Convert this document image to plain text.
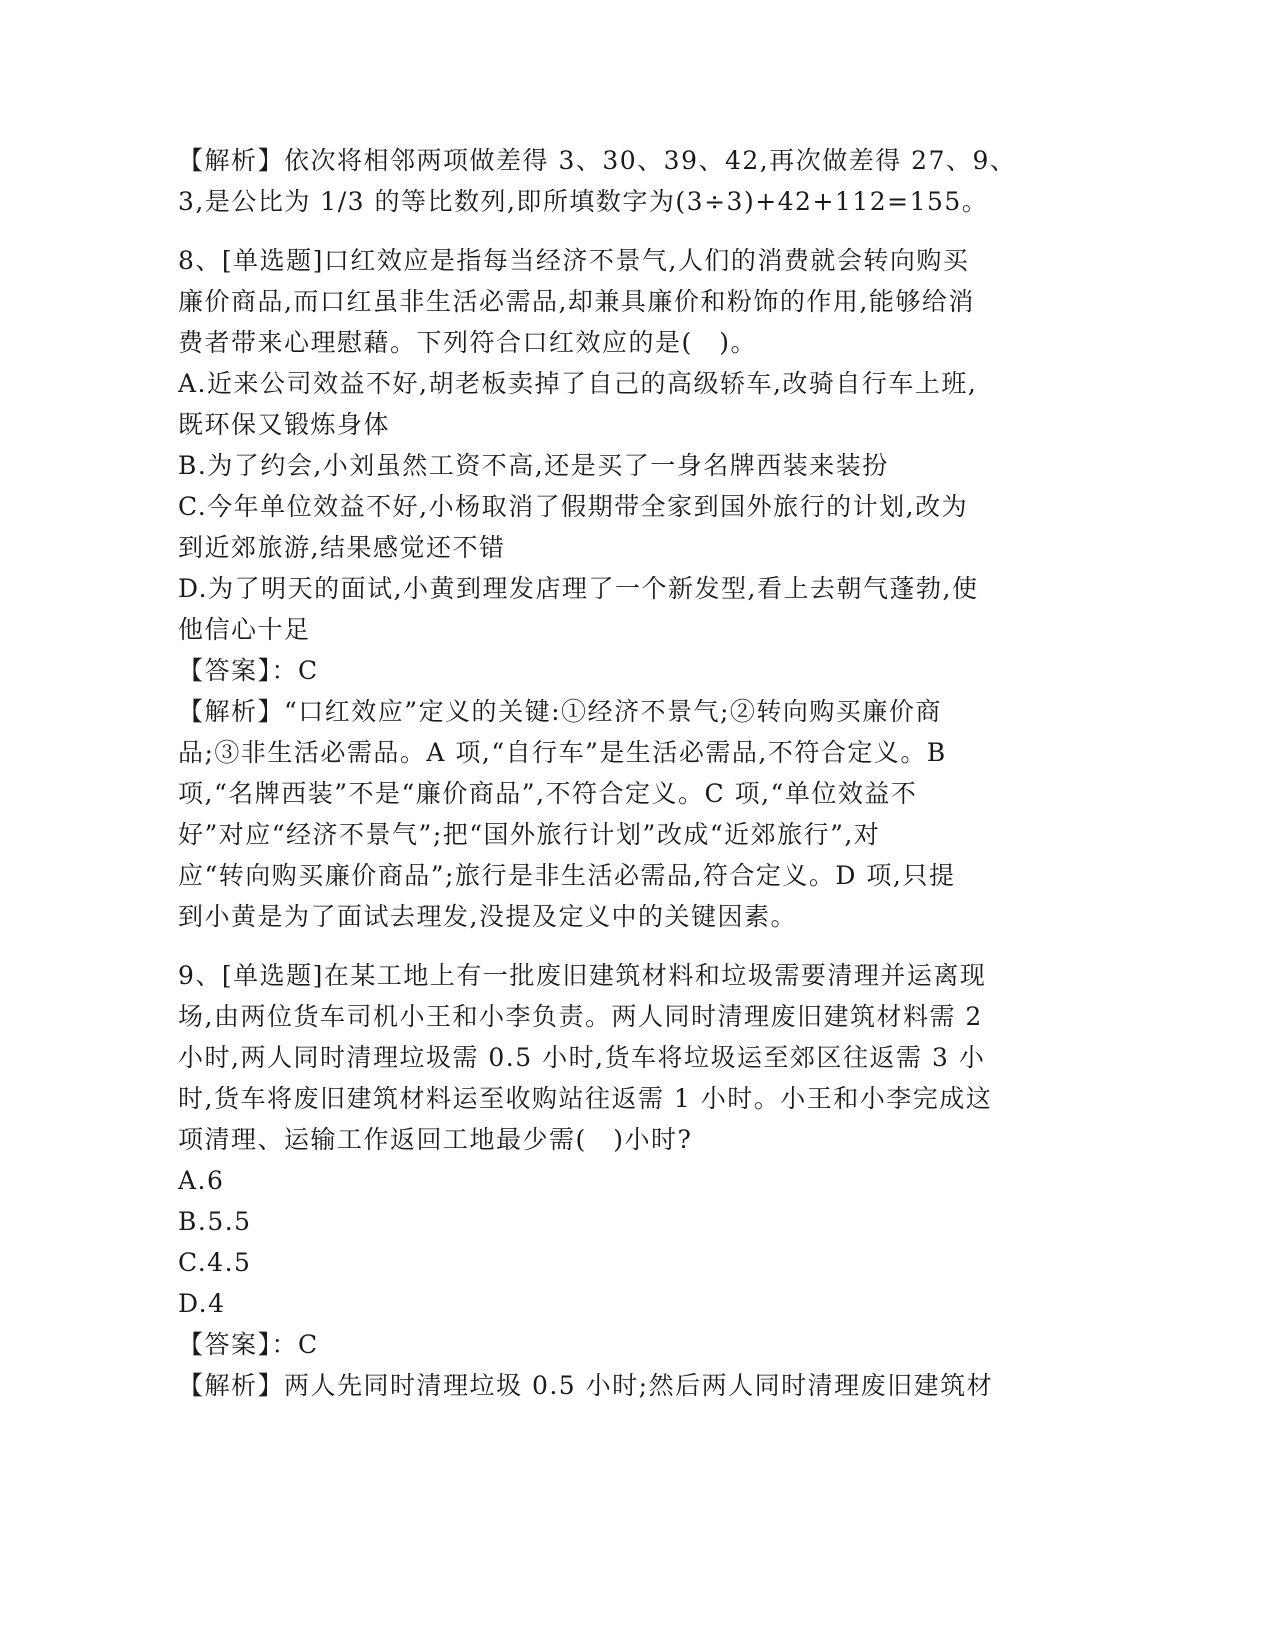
【解析】依次将相邻两项做差得 3、30、39、42,再次做差得 27、9、
3,是公比为 1/3 的等比数列,即所填数字为(3÷3)+42+112=155。
8、[单选题]口红效应是指每当经济不景气,人们的消费就会转向购买
廉价商品,而口红虽非生活必需品,却兼具廉价和粉饰的作用,能够给消
费者带来心理慰藉。下列符合口红效应的是(　)。
A.近来公司效益不好,胡老板卖掉了自己的高级轿车,改骑自行车上班,
既环保又锻炼身体
B.为了约会,小刘虽然工资不高,还是买了一身名牌西装来装扮
C.今年单位效益不好,小杨取消了假期带全家到国外旅行的计划,改为
到近郊旅游,结果感觉还不错
D.为了明天的面试,小黄到理发店理了一个新发型,看上去朝气蓬勃,使
他信心十足
【答案】：C
【解析】“口红效应”定义的关键:①经济不景气;②转向购买廉价商
品;③非生活必需品。A 项,“自行车”是生活必需品,不符合定义。B
项,“名牌西装”不是“廉价商品”,不符合定义。C 项,“单位效益不
好”对应“经济不景气”;把“国外旅行计划”改成“近郊旅行”,对
应“转向购买廉价商品”;旅行是非生活必需品,符合定义。D 项,只提
到小黄是为了面试去理发,没提及定义中的关键因素。
9、[单选题]在某工地上有一批废旧建筑材料和垃圾需要清理并运离现
场,由两位货车司机小王和小李负责。两人同时清理废旧建筑材料需 2
小时,两人同时清理垃圾需 0.5 小时,货车将垃圾运至郊区往返需 3 小
时,货车将废旧建筑材料运至收购站往返需 1 小时。小王和小李完成这
项清理、运输工作返回工地最少需(　)小时?
A.6
B.5.5
C.4.5
D.4
【答案】：C
【解析】两人先同时清理垃圾 0.5 小时;然后两人同时清理废旧建筑材
